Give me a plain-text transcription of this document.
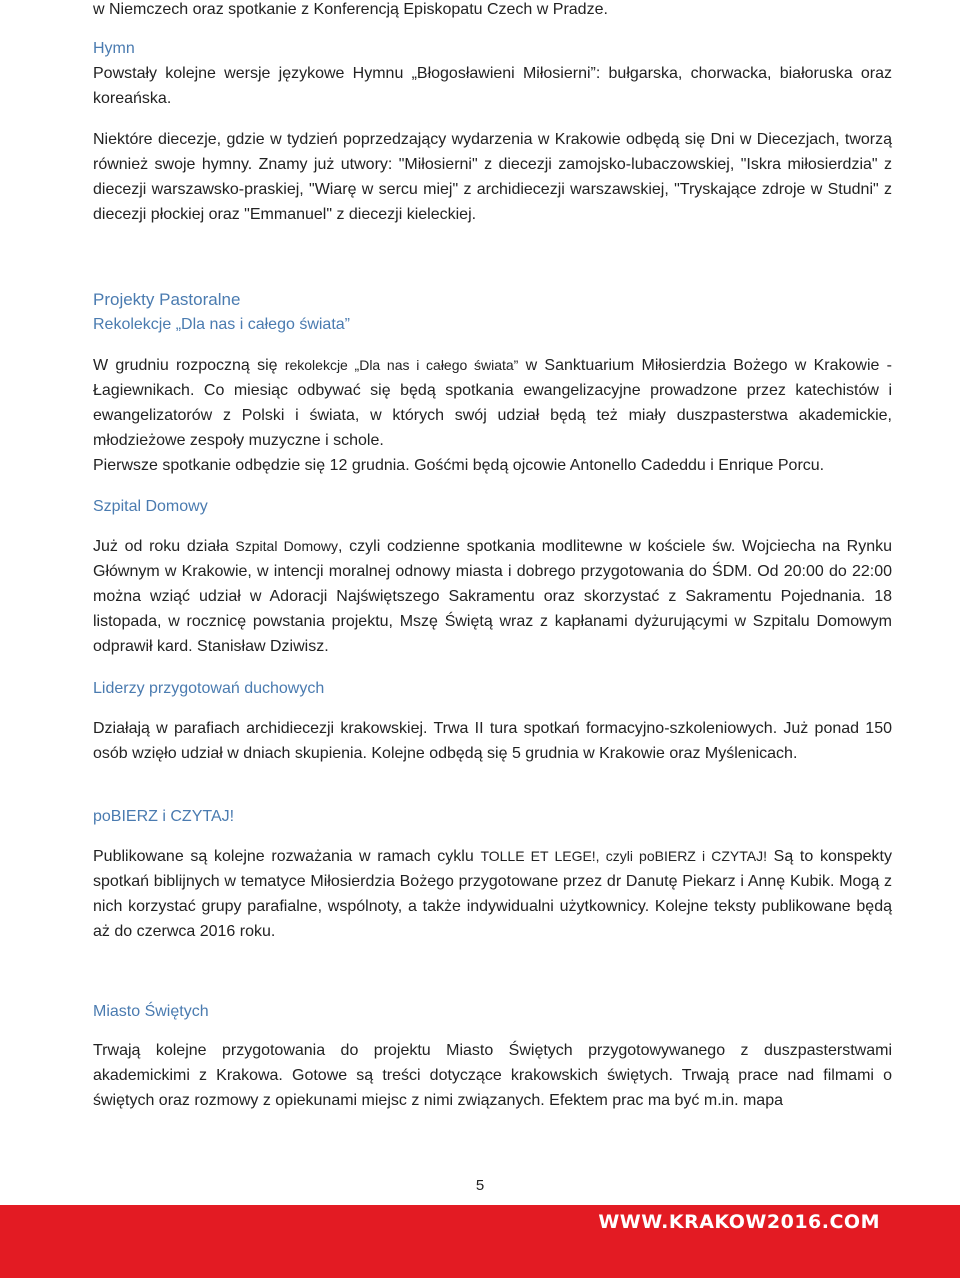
w Niemczech oraz spotkanie z Konferencją Episkopatu Czech w Pradze.

Hymn

Powstały kolejne wersje językowe Hymnu „Błogosławieni Miłosierni”: bułgarska, chorwacka, białoruska oraz koreańska.

Niektóre diecezje, gdzie w tydzień poprzedzający wydarzenia w Krakowie odbędą się Dni w Diecezjach, tworzą również swoje hymny. Znamy już utwory: "Miłosierni" z diecezji zamojsko-lubaczowskiej, "Iskra miłosierdzia" z diecezji warszawsko-praskiej, "Wiarę w sercu miej" z archidiecezji warszawskiej, "Tryskające zdroje w Studni" z diecezji płockiej oraz "Emmanuel" z diecezji kieleckiej.

Projekty Pastoralne

Rekolekcje „Dla nas i całego świata”

W grudniu rozpoczną się rekolekcje „Dla nas i całego świata” w Sanktuarium Miłosierdzia Bożego w Krakowie - Łagiewnikach. Co miesiąc odbywać się będą spotkania ewangelizacyjne prowadzone przez katechistów i ewangelizatorów z Polski i świata, w których swój udział będą też miały duszpasterstwa akademickie, młodzieżowe zespoły muzyczne i schole.

Pierwsze spotkanie odbędzie się 12 grudnia. Gośćmi będą ojcowie Antonello Cadeddu i Enrique Porcu.

Szpital Domowy

Już od roku działa Szpital Domowy, czyli codzienne spotkania modlitewne w kościele św. Wojciecha na Rynku Głównym w Krakowie, w intencji moralnej odnowy miasta i dobrego przygotowania do ŚDM. Od 20:00 do 22:00 można wziąć udział w Adoracji Najświętszego Sakramentu oraz skorzystać z Sakramentu Pojednania. 18 listopada, w rocznicę powstania projektu, Mszę Świętą wraz z kapłanami dyżurującymi w Szpitalu Domowym odprawił kard. Stanisław Dziwisz.

Liderzy przygotowań duchowych

Działają w parafiach archidiecezji krakowskiej. Trwa II tura spotkań formacyjno-szkoleniowych. Już ponad 150 osób wzięło udział w dniach skupienia. Kolejne odbędą się 5 grudnia w Krakowie oraz Myślenicach.

poBIERZ i CZYTAJ!

Publikowane są kolejne rozważania w ramach cyklu TOLLE ET LEGE!, czyli poBIERZ i CZYTAJ! Są to konspekty spotkań biblijnych w tematyce Miłosierdzia Bożego przygotowane przez dr Danutę Piekarz i Annę Kubik. Mogą z nich korzystać grupy parafialne, wspólnoty, a także indywidualni użytkownicy. Kolejne teksty publikowane będą aż do czerwca 2016 roku.

Miasto Świętych

Trwają kolejne przygotowania do projektu Miasto Świętych przygotowywanego z duszpasterstwami akademickimi z Krakowa. Gotowe są treści dotyczące krakowskich świętych. Trwają prace nad filmami o świętych oraz rozmowy z opiekunami miejsc z nimi związanych. Efektem prac ma być m.in. mapa

5
WWW.KRAKOW2016.COM
